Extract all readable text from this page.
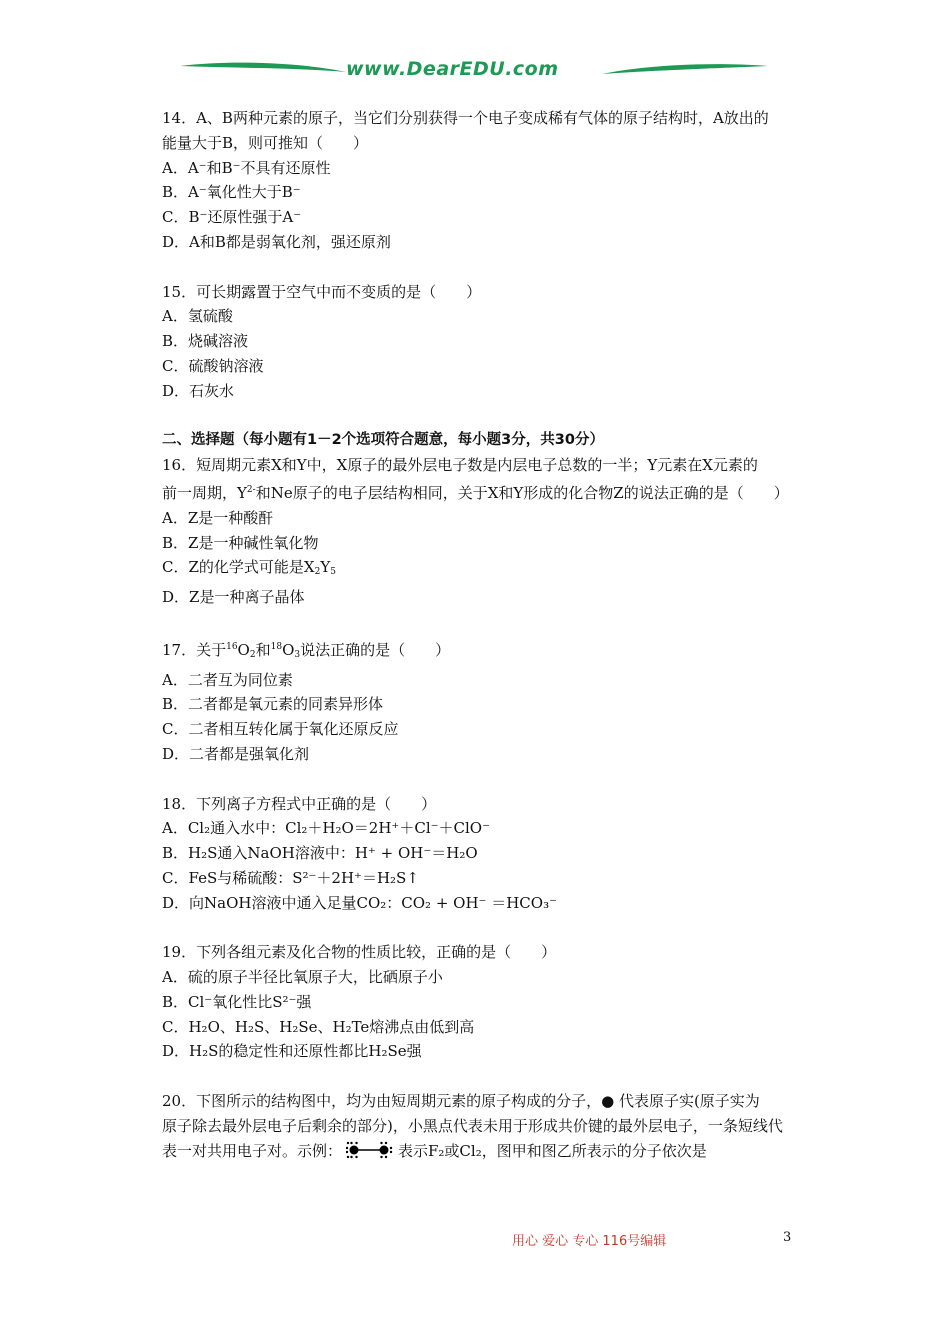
www.DearEDU.com
14．A、B两种元素的原子，当它们分别获得一个电子变成稀有气体的原子结构时，A放出的
能量大于B，则可推知（　　）
A．A⁻和B⁻不具有还原性
B．A⁻氧化性大于B⁻
C．B⁻还原性强于A⁻
D．A和B都是弱氧化剂，强还原剂
15．可长期露置于空气中而不变质的是（　　）
A．氢硫酸
B．烧碱溶液
C．硫酸钠溶液
D．石灰水
二、选择题（每小题有1－2个选项符合题意，每小题3分，共30分）
16．短周期元素X和Y中，X原子的最外层电子数是内层电子总数的一半；Y元素在X元素的
前一周期，$Y^{2-}$和Ne原子的电子层结构相同，关于X和Y形成的化合物Z的说法正确的是（　　）
A．Z是一种酸酐
B．Z是一种碱性氧化物
C．Z的化学式可能是$X_2Y_5$
D．Z是一种离子晶体
17．关于$^{16}O_2$和$^{18}O_3$说法正确的是（　　）
A．二者互为同位素
B．二者都是氧元素的同素异形体
C．二者相互转化属于氧化还原反应
D．二者都是强氧化剂
18．下列离子方程式中正确的是（　　）
A．Cl₂通入水中：Cl₂＋H₂O＝2H⁺＋Cl⁻＋ClO⁻
B．H₂S通入NaOH溶液中：H⁺ + OH⁻＝H₂O
C．FeS与稀硫酸：S²⁻＋2H⁺＝H₂S↑
D．向NaOH溶液中通入足量CO₂：CO₂ + OH⁻ ＝HCO₃⁻
19．下列各组元素及化合物的性质比较，正确的是（　　）
A．硫的原子半径比氧原子大，比硒原子小
B．Cl⁻氧化性比S²⁻强
C．H₂O、H₂S、H₂Se、H₂Te熔沸点由低到高
D．H₂S的稳定性和还原性都比H₂Se强
20．下图所示的结构图中，均为由短周期元素的原子构成的分子，● 代表原子实(原子实为
原子除去最外层电子后剩余的部分)，小黑点代表未用于形成共价键的最外层电子，一条短线代
表一对共用电子对。示例：	表示F₂或Cl₂，图甲和图乙所表示的分子依次是
用心 爱心 专心 116号编辑	3
